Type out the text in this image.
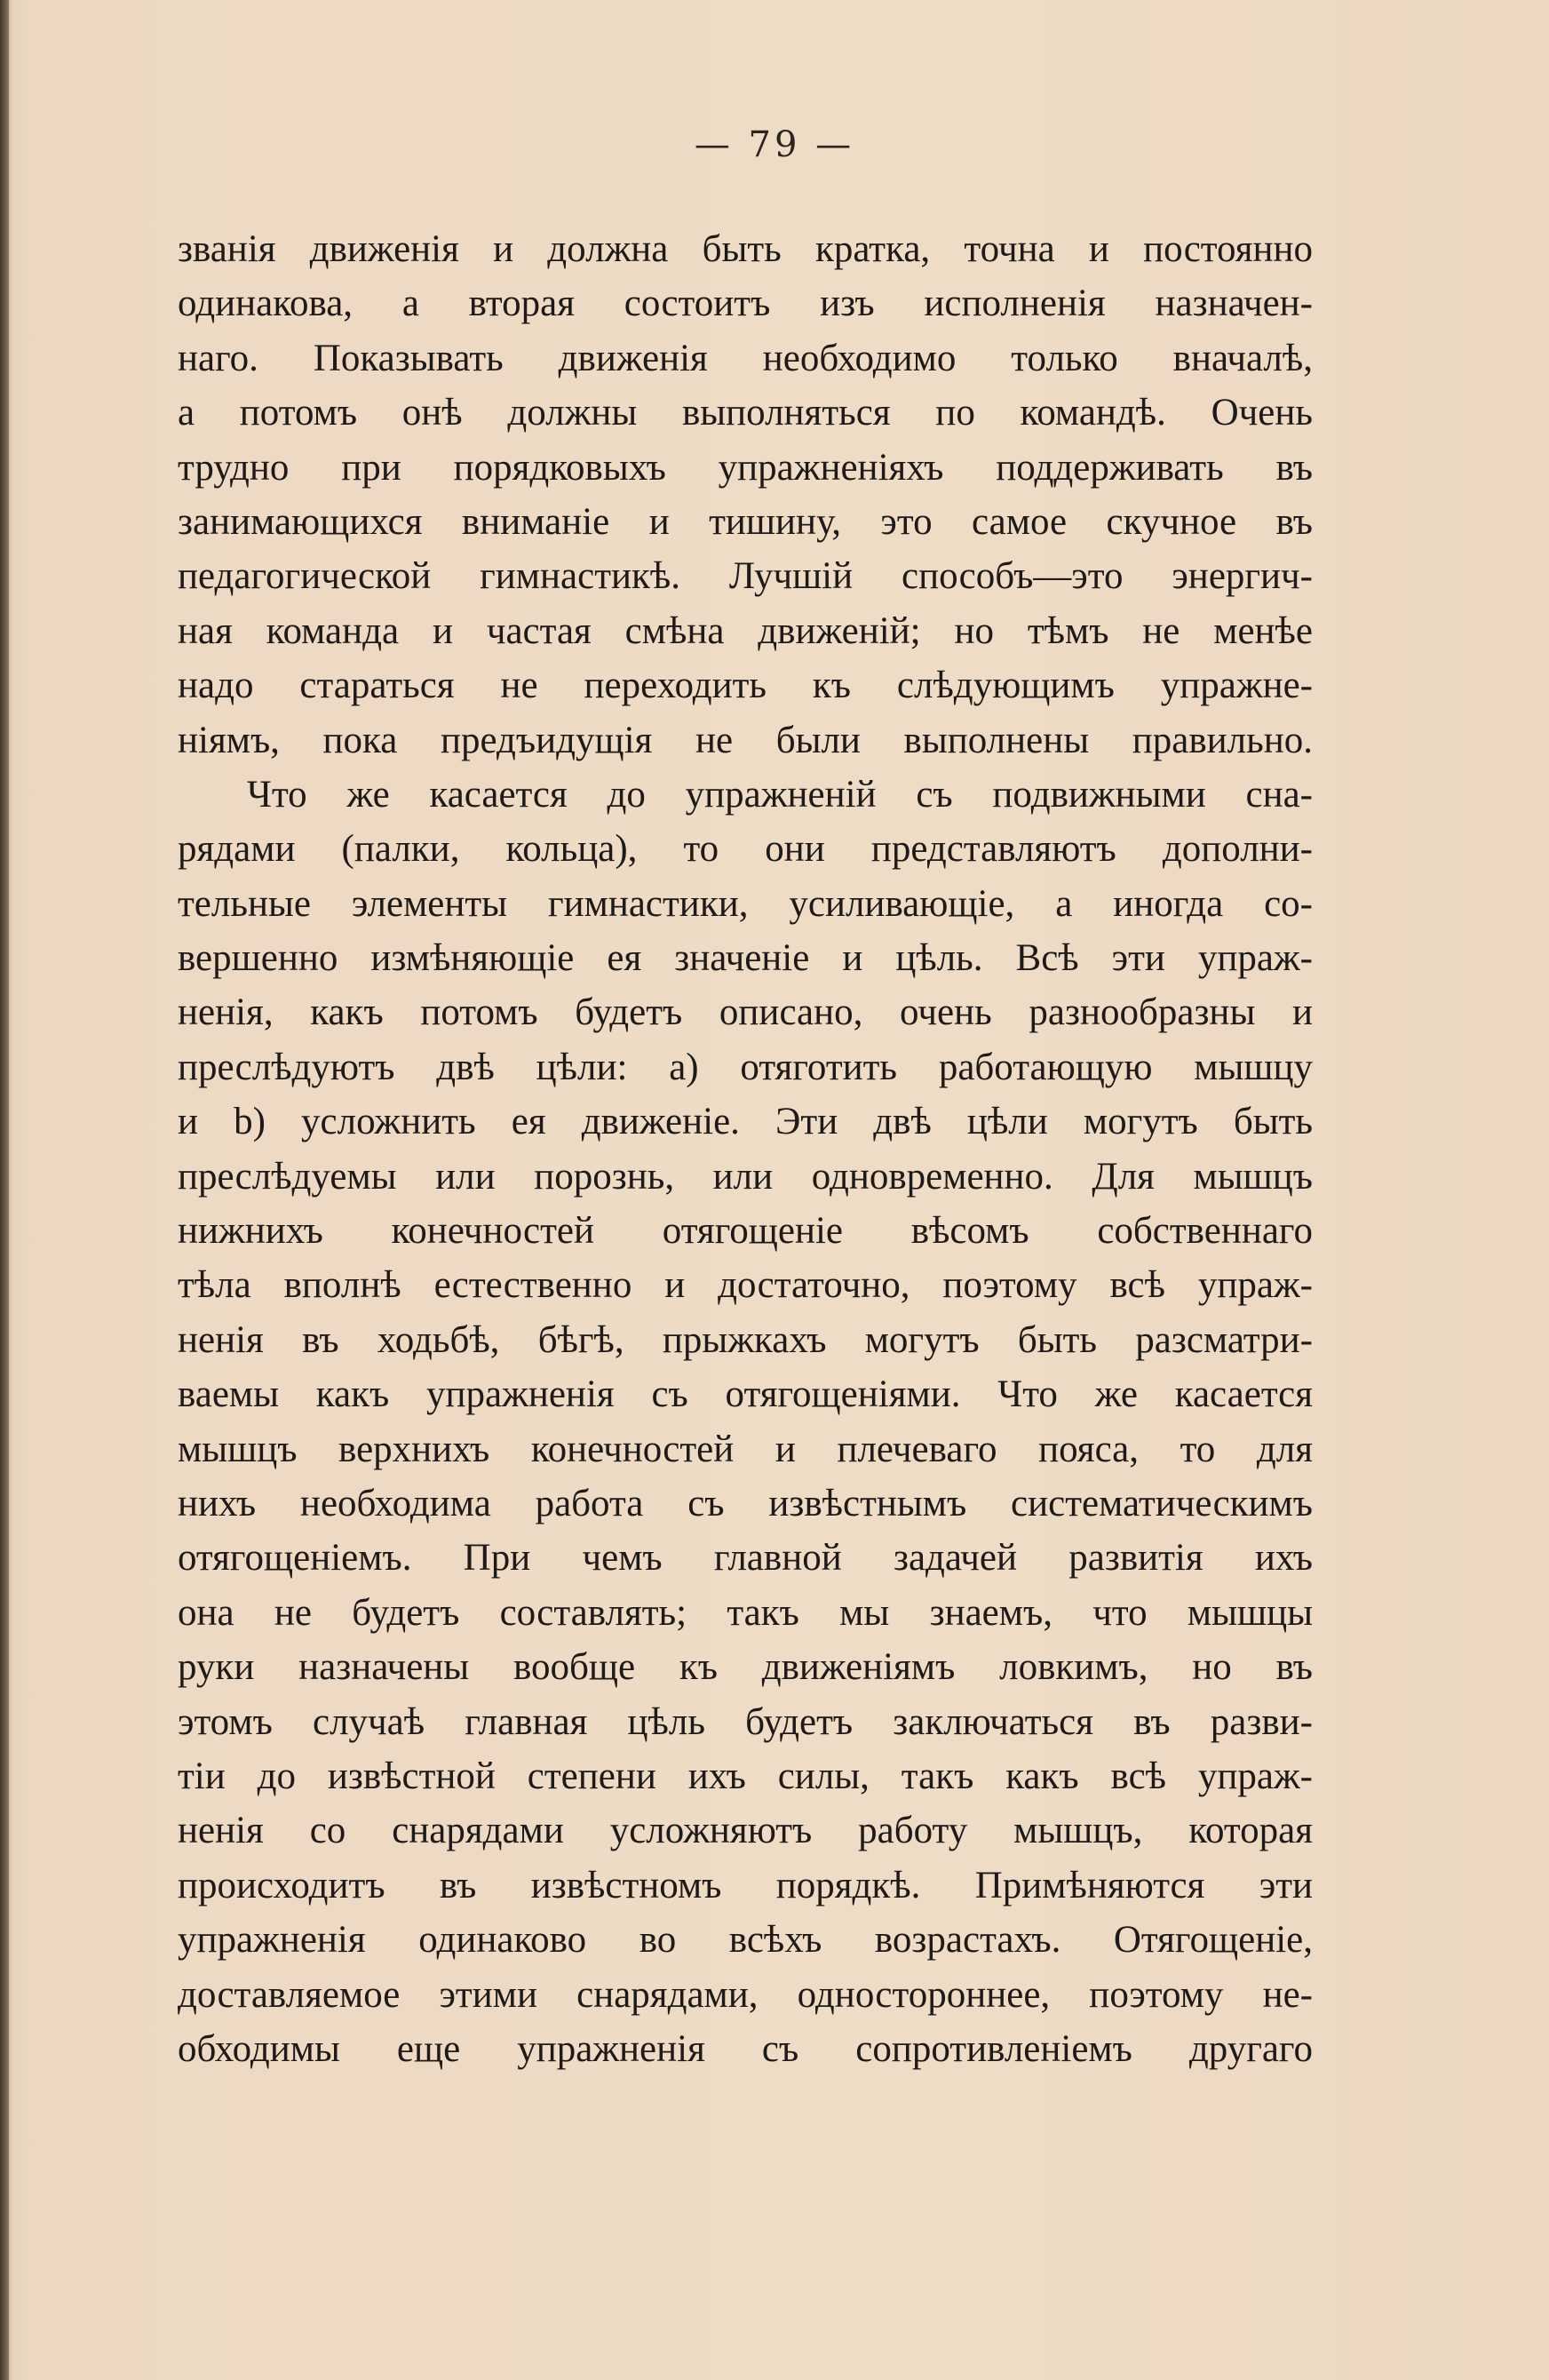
— 79 —
званія движенія и должна быть кратка, точна и постоянно
одинакова, а вторая состоитъ изъ исполненія назначен-
наго. Показывать движенія необходимо только вначалѣ,
а потомъ онѣ должны выполняться по командѣ. Очень
трудно при порядковыхъ упражненіяхъ поддерживать въ
занимающихся вниманіе и тишину, это самое скучное въ
педагогической гимнастикѣ. Лучшій способъ—это энергич-
ная команда и частая смѣна движеній; но тѣмъ не менѣе
надо стараться не переходить къ слѣдующимъ упражне-
ніямъ, пока предъидущія не были выполнены правильно.
Что же касается до упражненій съ подвижными сна-
рядами (палки, кольца), то они представляютъ дополни-
тельные элементы гимнастики, усиливающіе, а иногда со-
вершенно измѣняющіе ея значеніе и цѣль. Всѣ эти упраж-
ненія, какъ потомъ будетъ описано, очень разнообразны и
преслѣдуютъ двѣ цѣли: а) отяготить работающую мышцу
и b) усложнить ея движеніе. Эти двѣ цѣли могутъ быть
преслѣдуемы или порознь, или одновременно. Для мышцъ
нижнихъ конечностей отягощеніе вѣсомъ собственнаго
тѣла вполнѣ естественно и достаточно, поэтому всѣ упраж-
ненія въ ходьбѣ, бѣгѣ, прыжкахъ могутъ быть разсматри-
ваемы какъ упражненія съ отягощеніями. Что же касается
мышцъ верхнихъ конечностей и плечеваго пояса, то для
нихъ необходима работа съ извѣстнымъ систематическимъ
отягощеніемъ. При чемъ главной задачей развитія ихъ
она не будетъ составлять; такъ мы знаемъ, что мышцы
руки назначены вообще къ движеніямъ ловкимъ, но въ
этомъ случаѣ главная цѣль будетъ заключаться въ разви-
тіи до извѣстной степени ихъ силы, такъ какъ всѣ упраж-
ненія со снарядами усложняютъ работу мышцъ, которая
происходитъ въ извѣстномъ порядкѣ. Примѣняются эти
упражненія одинаково во всѣхъ возрастахъ. Отягощеніе,
доставляемое этими снарядами, одностороннее, поэтому не-
обходимы еще упражненія съ сопротивленіемъ другаго
